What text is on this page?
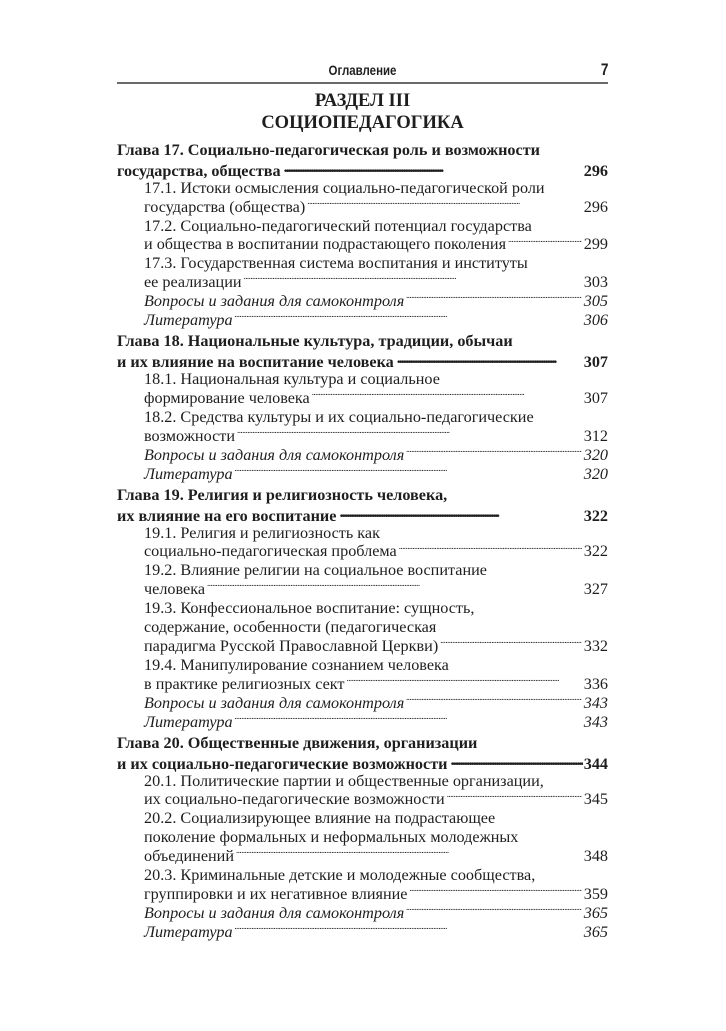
Оглавление	7
РАЗДЕЛ III
СОЦИОПЕДАГОГИКА
Глава 17. Социально-педагогическая роль и возможности
государства, общества . . .	296
17.1. Истоки осмысления социально-педагогической роли
государства (общества) . . .	296
17.2. Социально-педагогический потенциал государства
и общества в воспитании подрастающего поколения . . .	299
17.3. Государственная система воспитания и институты
ее реализации . . .	303
Вопросы и задания для самоконтроля . . .	305
Литература . . .	306
Глава 18. Национальные культура, традиции, обычаи
и их влияние на воспитание человека . . .	307
18.1. Национальная культура и социальное
формирование человека . . .	307
18.2. Средства культуры и их социально-педагогические
возможности . . .	312
Вопросы и задания для самоконтроля . . .	320
Литература . . .	320
Глава 19. Религия и религиозность человека,
их влияние на его воспитание . . .	322
19.1. Религия и религиозность как
социально-педагогическая проблема . . .	322
19.2. Влияние религии на социальное воспитание
человека . . .	327
19.3. Конфессиональное воспитание: сущность,
содержание, особенности (педагогическая
парадигма Русской Православной Церкви) . . .	332
19.4. Манипулирование сознанием человека
в практике религиозных сект . . .	336
Вопросы и задания для самоконтроля . . .	343
Литература . . .	343
Глава 20. Общественные движения, организации
и их социально-педагогические возможности . . .	344
20.1. Политические партии и общественные организации,
их социально-педагогические возможности . . .	345
20.2. Социализирующее влияние на подрастающее
поколение формальных и неформальных молодежных
объединений . . .	348
20.3. Криминальные детские и молодежные сообщества,
группировки и их негативное влияние . . .	359
Вопросы и задания для самоконтроля . . .	365
Литература . . .	365
